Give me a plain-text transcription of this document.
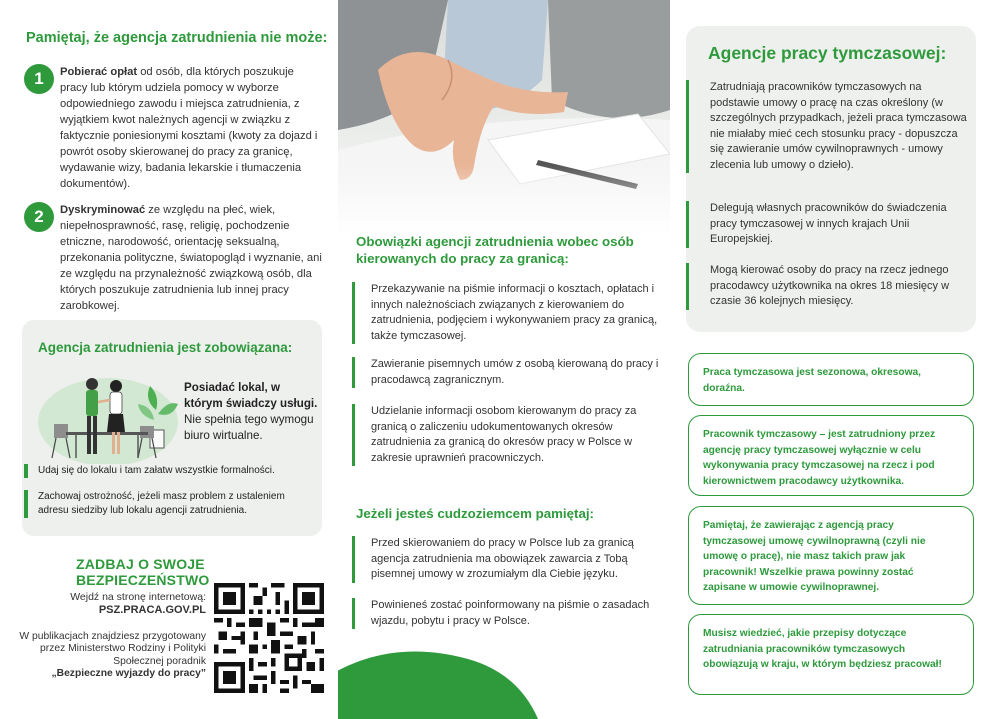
Pamiętaj, że agencja zatrudnienia nie może:
1	Pobierać opłat od osób, dla których poszukuje pracy lub którym udziela pomocy w wyborze odpowiedniego zawodu i miejsca zatrudnienia, z wyjątkiem kwot należnych agencji w związku z faktycznie poniesionymi kosztami (kwoty za dojazd i powrót osoby skierowanej do pracy za granicę, wydawanie wizy, badania lekarskie i tłumaczenia dokumentów).
2	Dyskryminować ze względu na płeć, wiek, niepełnosprawność, rasę, religię, pochodzenie etniczne, narodowość, orientację seksualną, przekonania polityczne, światopogląd i wyznanie, ani ze względu na przynależność związkową osób, dla których poszukuje zatrudnienia lub innej pracy zarobkowej.
Agencja zatrudnienia jest zobowiązana:
Posiadać lokal, w którym świadczy usługi. Nie spełnia tego wymogu biuro wirtualne.
Udaj się do lokalu i tam załatw wszystkie formalności.
Zachowaj ostrożność, jeżeli masz problem z ustaleniem adresu siedziby lub lokalu agencji zatrudnienia.
ZADBAJ O SWOJE BEZPIECZEŃSTWO
Wejdź na stronę internetową:
PSZ.PRACA.GOV.PL
W publikacjach znajdziesz przygotowany przez Ministerstwo Rodziny i Polityki Społecznej poradnik
„Bezpieczne wyjazdy do pracy”
Obowiązki agencji zatrudnienia wobec osób kierowanych do pracy za granicą:
Przekazywanie na piśmie informacji o kosztach, opłatach i innych należnościach związanych z kierowaniem do zatrudnienia, podjęciem i wykonywaniem pracy za granicą, także tymczasowej.
Zawieranie pisemnych umów z osobą kierowaną do pracy i pracodawcą zagranicznym.
Udzielanie informacji osobom kierowanym do pracy za granicą o zaliczeniu udokumentowanych okresów zatrudnienia za granicą do okresów pracy w Polsce w zakresie uprawnień pracowniczych.
Jeżeli jesteś cudzoziemcem pamiętaj:
Przed skierowaniem do pracy w Polsce lub za granicą agencja zatrudnienia ma obowiązek zawarcia z Tobą pisemnej umowy w zrozumiałym dla Ciebie języku.
Powinieneś zostać poinformowany na piśmie o zasadach wjazdu, pobytu i pracy w Polsce.
Agencje pracy tymczasowej:
Zatrudniają pracowników tymczasowych na podstawie umowy o pracę na czas określony (w szczególnych przypadkach, jeżeli praca tymczasowa nie miałaby mieć cech stosunku pracy - dopuszcza się zawieranie umów cywilnoprawnych - umowy zlecenia lub umowy o dzieło).
Delegują własnych pracowników do świadczenia pracy tymczasowej w innych krajach Unii Europejskiej.
Mogą kierować osoby do pracy na rzecz jednego pracodawcy użytkownika na okres 18 miesięcy w czasie 36 kolejnych miesięcy.
Praca tymczasowa jest sezonowa, okresowa, doraźna.
Pracownik tymczasowy – jest zatrudniony przez agencję pracy tymczasowej wyłącznie w celu wykonywania pracy tymczasowej na rzecz i pod kierownictwem pracodawcy użytkownika.
Pamiętaj, że zawierając z agencją pracy tymczasowej umowę cywilnoprawną (czyli nie umowę o pracę), nie masz takich praw jak pracownik! Wszelkie prawa powinny zostać zapisane w umowie cywilnoprawnej.
Musisz wiedzieć, jakie przepisy dotyczące zatrudniania pracowników tymczasowych obowiązują w kraju, w którym będziesz pracował!
